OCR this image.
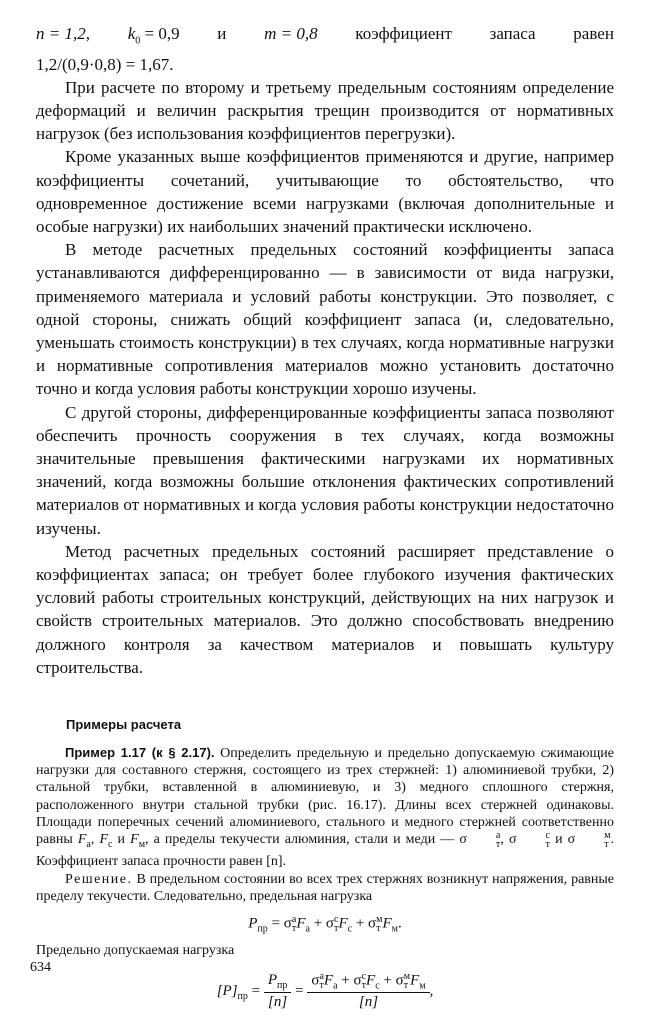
n = 1,2, $k_0 = 0,9$ и m = 0,8 коэффициент запаса равен

1,2/(0,9·0,8) = 1,67.

При расчете по второму и третьему предельным состояниям определение деформаций и величин раскрытия трещин производится от нормативных нагрузок (без использования коэффициентов перегрузки).

Кроме указанных выше коэффициентов применяются и другие, например коэффициенты сочетаний, учитывающие то обстоятельство, что одновременное достижение всеми нагрузками (включая дополнительные и особые нагрузки) их наибольших значений практически исключено.

В методе расчетных предельных состояний коэффициенты запаса устанавливаются дифференцированно — в зависимости от вида нагрузки, применяемого материала и условий работы конструкции. Это позволяет, с одной стороны, снижать общий коэффициент запаса (и, следовательно, уменьшать стоимость конструкции) в тех случаях, когда нормативные нагрузки и нормативные сопротивления материалов можно установить достаточно точно и когда условия работы конструкции хорошо изучены.

С другой стороны, дифференцированные коэффициенты запаса позволяют обеспечить прочность сооружения в тех случаях, когда возможны значительные превышения фактическими нагрузками их нормативных значений, когда возможны большие отклонения фактических сопротивлений материалов от нормативных и когда условия работы конструкции недостаточно изучены.

Метод расчетных предельных состояний расширяет представление о коэффициентах запаса; он требует более глубокого изучения фактических условий работы строительных конструкций, действующих на них нагрузок и свойств строительных материалов. Это должно способствовать внедрению должного контроля за качеством материалов и повышать культуру строительства.

Примеры расчета

Пример 1.17 (к § 2.17). Определить предельную и предельно допускаемую сжимающие нагрузки для составного стержня, состоящего из трех стержней: 1) алюминиевой трубки, 2) стальной трубки, вставленной в алюминиевую, и 3) медного сплошного стержня, расположенного внутри стальной трубки (рис. 16.17). Длины всех стержней одинаковы. Площади поперечных сечений алюминиевого, стального и медного стержней соответственно равны $F_а$, $F_с$ и $F_м$, а пределы текучести алюминия, стали и меди — σ	а
т , σ	с
т и σ	м
т . Коэффициент запаса прочности равен [n].

Решение. В предельном состоянии во всех трех стержнях возникнут напряжения, равные пределу текучести. Следовательно, предельная нагрузка

$P_{пр} = \sigma$ а
т $F_а + \sigma$ с
т $F_с + \sigma$ м
т $F_м$.

Предельно допускаемая нагрузка

$[P]_{пр} = \frac{P_{пр}}{[n]}$ =
σ а
т $F_а + \sigma$ с
т $F_с + \sigma$ м
т $F_м$
[n]
,
634
